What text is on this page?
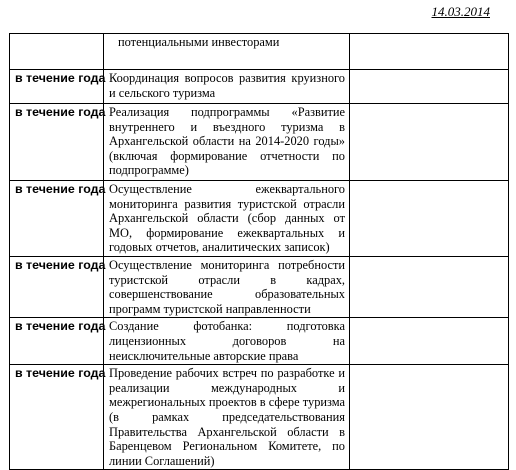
14.03.2014
	потенциальными инвесторами	
в течение года	Координация вопросов развития круизного и сельского туризма	
в течение года	Реализация подпрограммы «Развитие внутреннего и въездного туризма в Архангельской области на 2014-2020 годы» (включая формирование отчетности по подпрограмме)	
в течение года	Осуществление ежеквартального мониторинга развития туристской отрасли Архангельской области (сбор данных от МО, формирование ежеквартальных и годовых отчетов, аналитических записок)	
в течение года	Осуществление мониторинга потребности туристской отрасли в кадрах, совершенствование образовательных программ туристской направленности	
в течение года	Создание фотобанка: подготовка лицензионных договоров на неисключительные авторские права	
в течение года	Проведение рабочих встреч по разработке и реализации международных и межрегиональных проектов в сфере туризма (в рамках председательствования Правительства Архангельской области в Баренцевом Региональном Комитете, по линии Соглашений)	
